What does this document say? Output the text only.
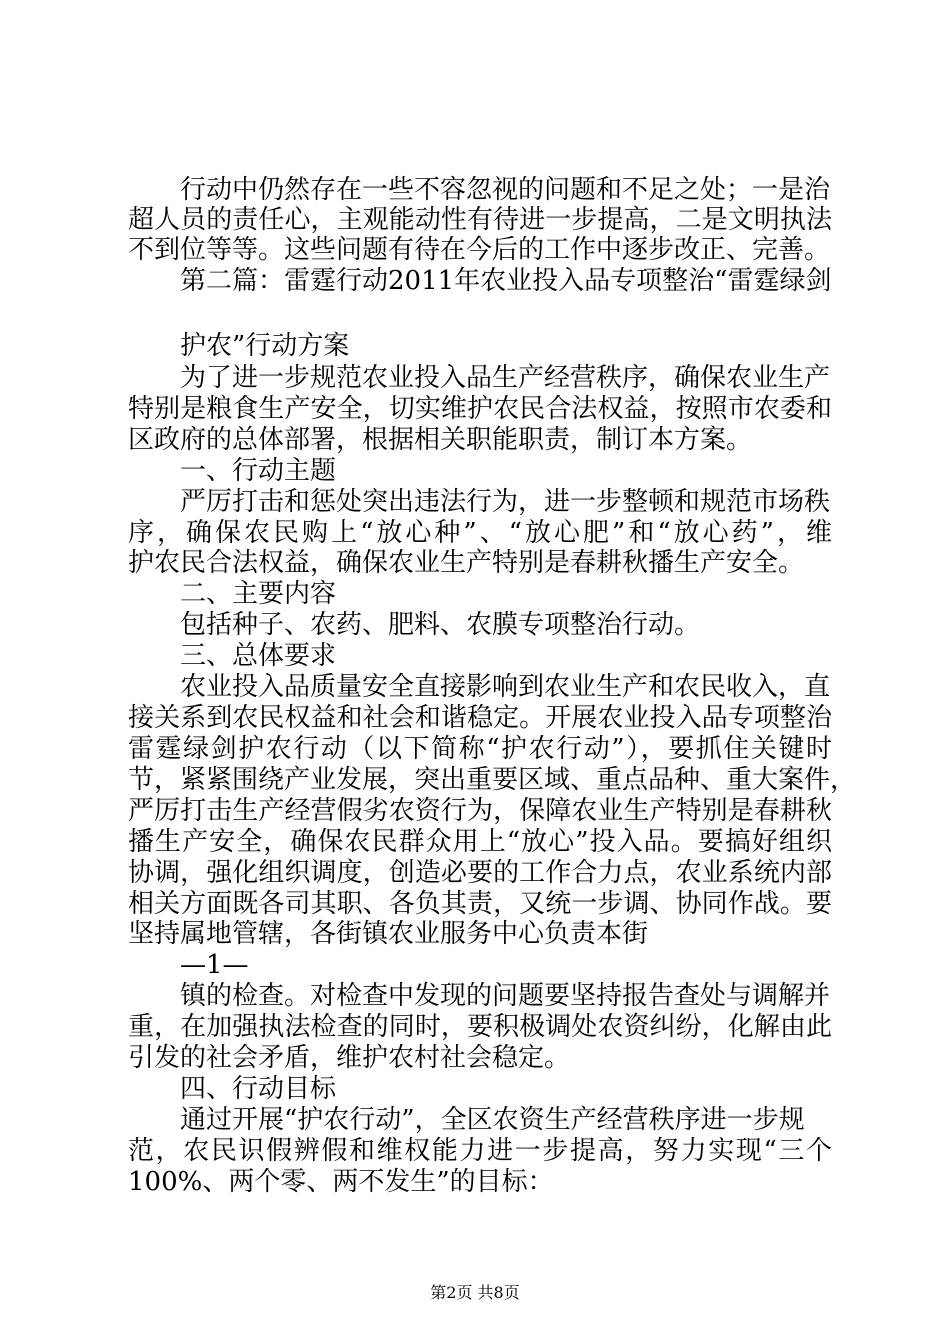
行动中仍然存在一些不容忽视的问题和不足之处；一是治
超人员的责任心，主观能动性有待进一步提高，二是文明执法
不到位等等。这些问题有待在今后的工作中逐步改正、完善。
第二篇：雷霆行动2011年农业投入品专项整治“雷霆绿剑
护农”行动方案
为了进一步规范农业投入品生产经营秩序，确保农业生产
特别是粮食生产安全，切实维护农民合法权益，按照市农委和
区政府的总体部署，根据相关职能职责，制订本方案。
一、行动主题
严厉打击和惩处突出违法行为，进一步整顿和规范市场秩
序，确保农民购上“放心种”、“放心肥”和“放心药”，维
护农民合法权益，确保农业生产特别是春耕秋播生产安全。
二、主要内容
包括种子、农药、肥料、农膜专项整治行动。
三、总体要求
农业投入品质量安全直接影响到农业生产和农民收入，直
接关系到农民权益和社会和谐稳定。开展农业投入品专项整治
雷霆绿剑护农行动（以下简称“护农行动”），要抓住关键时
节，紧紧围绕产业发展，突出重要区域、重点品种、重大案件，
严厉打击生产经营假劣农资行为，保障农业生产特别是春耕秋
播生产安全，确保农民群众用上“放心”投入品。要搞好组织
协调，强化组织调度，创造必要的工作合力点，农业系统内部
相关方面既各司其职、各负其责，又统一步调、协同作战。要
坚持属地管辖，各街镇农业服务中心负责本街
—1—
镇的检查。对检查中发现的问题要坚持报告查处与调解并
重，在加强执法检查的同时，要积极调处农资纠纷，化解由此
引发的社会矛盾，维护农村社会稳定。
四、行动目标
通过开展“护农行动”，全区农资生产经营秩序进一步规
范，农民识假辨假和维权能力进一步提高，努力实现“三个
100%、两个零、两不发生”的目标：
第2页 共8页
